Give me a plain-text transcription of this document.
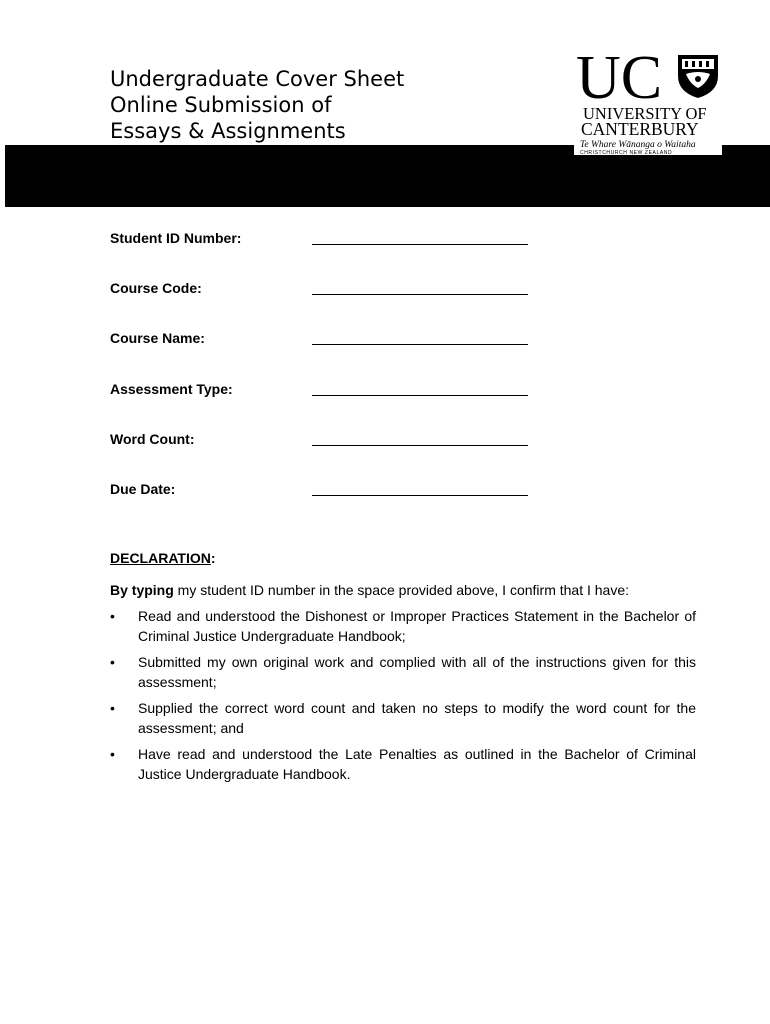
Undergraduate Cover Sheet
Online Submission of
Essays & Assignments
UC
UNIVERSITY OF
CANTERBURY
Te Whare Wānanga o Waitaha
CHRISTCHURCH NEW ZEALAND
Student ID Number:
Course Code:
Course Name:
Assessment Type:
Word Count:
Due Date:

DECLARATION:

By typing my student ID number in the space provided above, I confirm that I have:

• Read and understood the Dishonest or Improper Practices Statement in the Bachelor of Criminal Justice Undergraduate Handbook;
• Submitted my own original work and complied with all of the instructions given for this assessment;
• Supplied the correct word count and taken no steps to modify the word count for the assessment; and
• Have read and understood the Late Penalties as outlined in the Bachelor of Criminal Justice Undergraduate Handbook.
